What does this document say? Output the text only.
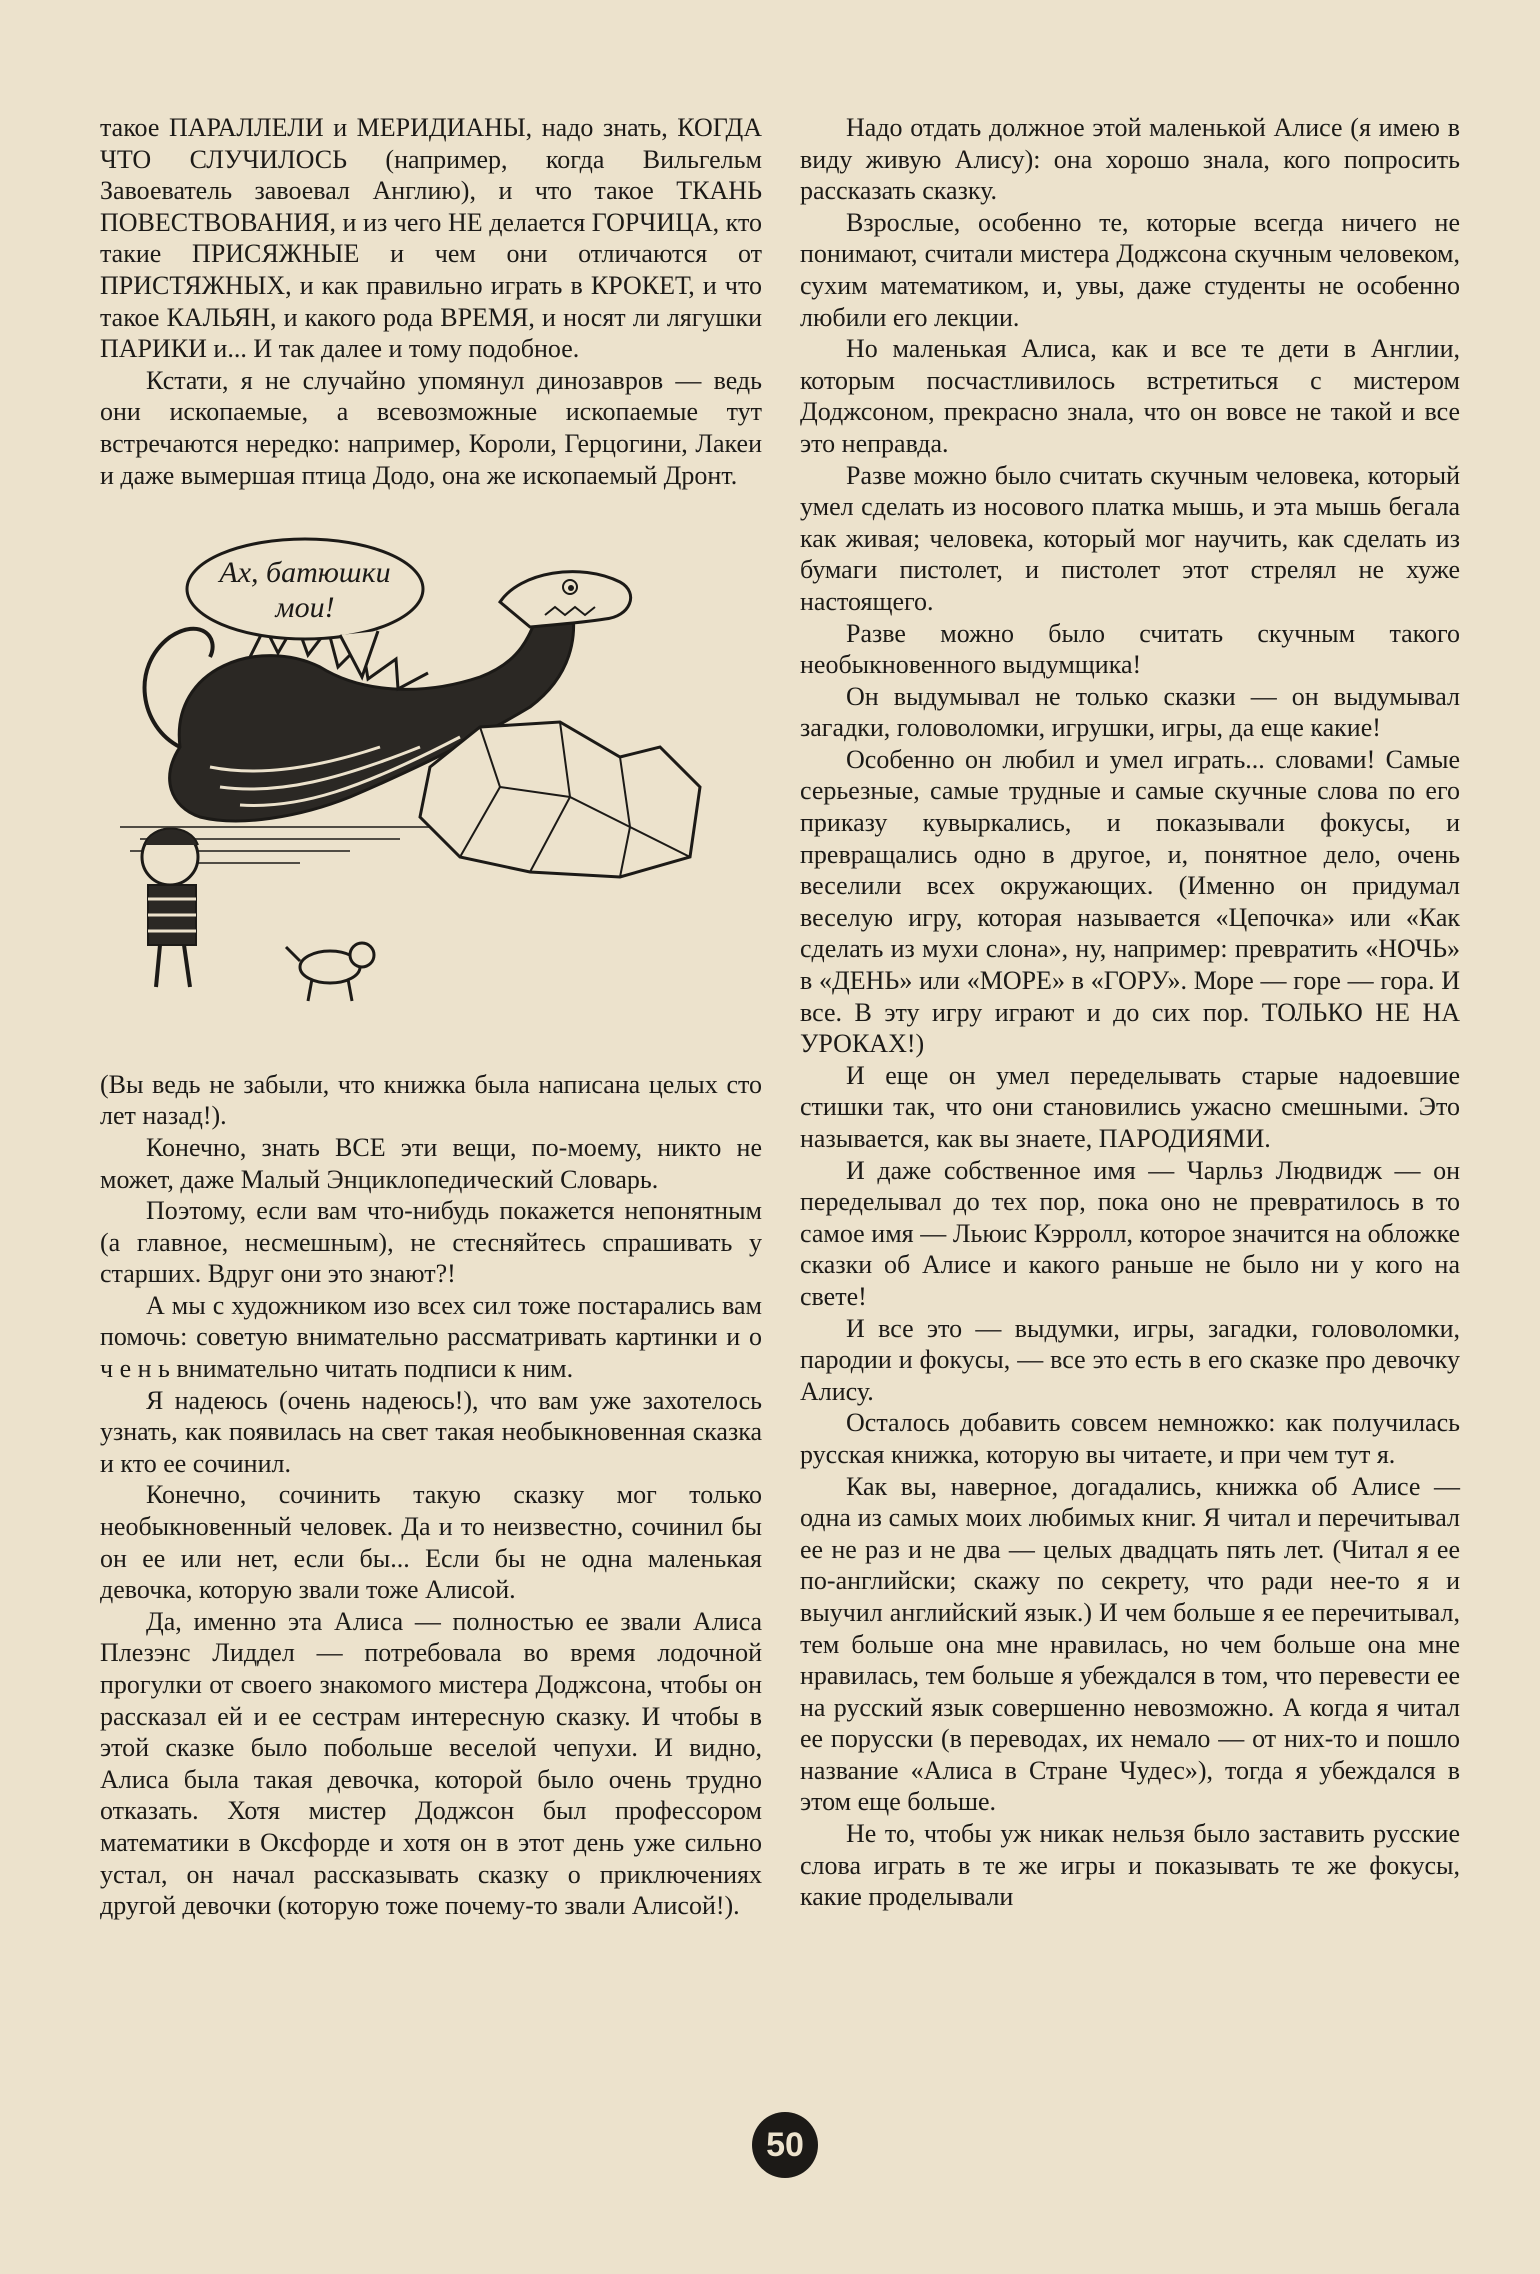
такое ПАРАЛЛЕЛИ и МЕРИДИАНЫ, надо знать, КОГДА ЧТО СЛУЧИЛОСЬ (например, когда Вильгельм Завоеватель завоевал Англию), и что такое ТКАНЬ ПОВЕСТВОВАНИЯ, и из чего НЕ делается ГОРЧИЦА, кто такие ПРИСЯЖНЫЕ и чем они отличаются от ПРИСТЯЖНЫХ, и как правильно играть в КРОКЕТ, и что такое КАЛЬЯН, и какого рода ВРЕМЯ, и носят ли лягушки ПАРИКИ и... И так далее и тому подобное.

Кстати, я не случайно упомянул динозавров — ведь они ископаемые, а всевозможные ископаемые тут встречаются нередко: например, Короли, Герцогини, Лакеи и даже вымершая птица Додо, она же ископаемый Дронт.

Ах, батюшки
мои!

(Вы ведь не забыли, что книжка была написана целых сто лет назад!).

Конечно, знать ВСЕ эти вещи, по-моему, никто не может, даже Малый Энциклопедический Словарь.

Поэтому, если вам что-нибудь покажется непонятным (а главное, несмешным), не стесняйтесь спрашивать у старших. Вдруг они это знают?!

А мы с художником изо всех сил тоже постарались вам помочь: советую внимательно рассматривать картинки и о ч е н ь внимательно читать подписи к ним.

Я надеюсь (очень надеюсь!), что вам уже захотелось узнать, как появилась на свет такая необыкновенная сказка и кто ее сочинил.

Конечно, сочинить такую сказку мог только необыкновенный человек. Да и то неизвестно, сочинил бы он ее или нет, если бы... Если бы не одна маленькая девочка, которую звали тоже Алисой.

Да, именно эта Алиса — полностью ее звали Алиса Плезэнс Лиддел — потребовала во время лодочной прогулки от своего знакомого мистера Доджсона, чтобы он рассказал ей и ее сестрам интересную сказку. И чтобы в этой сказке было побольше веселой чепухи. И видно, Алиса была такая девочка, которой было очень трудно отказать. Хотя мистер Доджсон был профессором математики в Оксфорде и хотя он в этот день уже сильно устал, он начал рассказывать сказку о приключениях другой девочки (которую тоже почему-то звали Алисой!).

Надо отдать должное этой маленькой Алисе (я имею в виду живую Алису): она хорошо знала, кого попросить рассказать сказку.

Взрослые, особенно те, которые всегда ничего не понимают, считали мистера Доджсона скучным человеком, сухим математиком, и, увы, даже студенты не особенно любили его лекции.

Но маленькая Алиса, как и все те дети в Англии, которым посчастливилось встретиться с мистером Доджсоном, прекрасно знала, что он вовсе не такой и все это неправда.

Разве можно было считать скучным человека, который умел сделать из носового платка мышь, и эта мышь бегала как живая; человека, который мог научить, как сделать из бумаги пистолет, и пистолет этот стрелял не хуже настоящего.

Разве можно было считать скучным такого необыкновенного выдумщика!

Он выдумывал не только сказки — он выдумывал загадки, головоломки, игрушки, игры, да еще какие!

Особенно он любил и умел играть... словами! Самые серьезные, самые трудные и самые скучные слова по его приказу кувыркались, и показывали фокусы, и превращались одно в другое, и, понятное дело, очень веселили всех окружающих. (Именно он придумал веселую игру, которая называется «Цепочка» или «Как сделать из мухи слона», ну, например: превратить «НОЧЬ» в «ДЕНЬ» или «МОРЕ» в «ГОРУ». Море — горе — гора. И все. В эту игру играют и до сих пор. ТОЛЬКО НЕ НА УРОКАХ!)

И еще он умел переделывать старые надоевшие стишки так, что они становились ужасно смешными. Это называется, как вы знаете, ПАРОДИЯМИ.

И даже собственное имя — Чарльз Людвидж — он переделывал до тех пор, пока оно не превратилось в то самое имя — Льюис Кэрролл, которое значится на обложке сказки об Алисе и какого раньше не было ни у кого на свете!

И все это — выдумки, игры, загадки, головоломки, пародии и фокусы, — все это есть в его сказке про девочку Алису.

Осталось добавить совсем немножко: как получилась русская книжка, которую вы читаете, и при чем тут я.

Как вы, наверное, догадались, книжка об Алисе — одна из самых моих любимых книг. Я читал и перечитывал ее не раз и не два — целых двадцать пять лет. (Читал я ее по-английски; скажу по секрету, что ради нее-то я и выучил английский язык.) И чем больше я ее перечитывал, тем больше она мне нравилась, но чем больше она мне нравилась, тем больше я убеждался в том, что перевести ее на русский язык совершенно невозможно. А когда я читал ее порусски (в переводах, их немало — от них-то и пошло название «Алиса в Стране Чудес»), тогда я убеждался в этом еще больше.

Не то, чтобы уж никак нельзя было заставить русские слова играть в те же игры и показывать те же фокусы, какие проделывали

50
